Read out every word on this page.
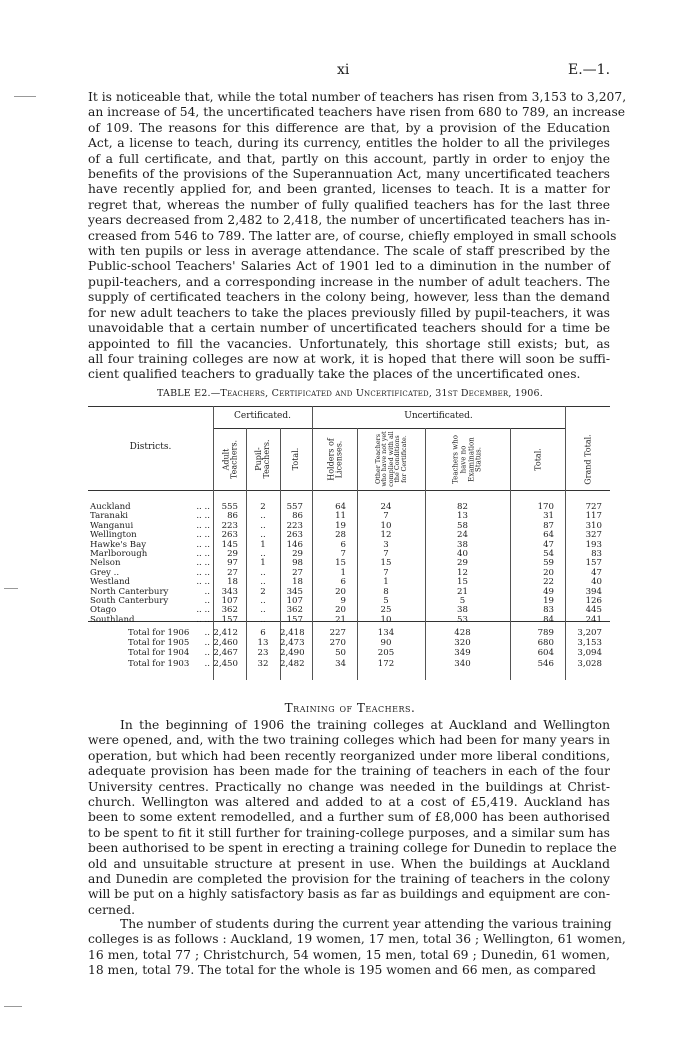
xi	E.—1.
It is noticeable that, while the total number of teachers has risen from 3,153 to 3,207,
an increase of 54, the uncertificated teachers have risen from 680 to 789, an increase
of 109. The reasons for this difference are that, by a provision of the Education
Act, a license to teach, during its currency, entitles the holder to all the privileges
of a full certificate, and that, partly on this account, partly in order to enjoy the
benefits of the provisions of the Superannuation Act, many uncertificated teachers
have recently applied for, and been granted, licenses to teach. It is a matter for
regret that, whereas the number of fully qualified teachers has for the last three
years decreased from 2,482 to 2,418, the number of uncertificated teachers has in-
creased from 546 to 789. The latter are, of course, chiefly employed in small schools
with ten pupils or less in average attendance. The scale of staff prescribed by the
Public-school Teachers' Salaries Act of 1901 led to a diminution in the number of
pupil-teachers, and a corresponding increase in the number of adult teachers. The
supply of certificated teachers in the colony being, however, less than the demand
for new adult teachers to take the places previously filled by pupil-teachers, it was
unavoidable that a certain number of uncertificated teachers should for a time be
appointed to fill the vacancies. Unfortunately, this shortage still exists; but, as
all four training colleges are now at work, it is hoped that there will soon be suffi-
cient qualified teachers to gradually take the places of the uncertificated ones.
TABLE E2.—Teachers, Certificated and Uncertificated, 31st December, 1906.
Certificated.	Uncertificated.
Districts.
Adult Teachers.	Pupil-Teachers.	Total.	Holders of Licenses.	Other Teachers who have not yet complied with all the Conditions for Certificate.	Teachers who have no Examination Status.	Total.	Grand Total.
Auckland	.. ..	555	2	557	64	24	82	170	727
Taranaki	.. ..	86	..	86	11	7	13	31	117
Wanganui	.. ..	223	..	223	19	10	58	87	310
Wellington	.. ..	263	..	263	28	12	24	64	327
Hawke's Bay	.. ..	145	1	146	6	3	38	47	193
Marlborough	.. ..	29	..	29	7	7	40	54	83
Nelson	.. ..	97	1	98	15	15	29	59	157
Grey ..	.. ..	27	..	27	1	7	12	20	47
Westland	.. ..	18	..	18	6	1	15	22	40
North Canterbury	..	343	2	345	20	8	21	49	394
South Canterbury	..	107	..	107	9	5	5	19	126
Otago	.. ..	362	..	362	20	25	38	83	445
Southland	.. ..	157	..	157	21	10	53	84	241
Total for 1906	.. 2,412	6	2,418	227	134	428	789	3,207
Total for 1905	.. 2,460	13	2,473	270	90	320	680	3,153
Total for 1904	.. 2,467	23	2,490	50	205	349	604	3,094
Total for 1903	.. 2,450	32	2,482	34	172	340	546	3,028
Training of Teachers.
In the beginning of 1906 the training colleges at Auckland and Wellington
were opened, and, with the two training colleges which had been for many years in
operation, but which had been recently reorganized under more liberal conditions,
adequate provision has been made for the training of teachers in each of the four
University centres. Practically no change was needed in the buildings at Christ-
church. Wellington was altered and added to at a cost of £5,419. Auckland has
been to some extent remodelled, and a further sum of £8,000 has been authorised
to be spent to fit it still further for training-college purposes, and a similar sum has
been authorised to be spent in erecting a training college for Dunedin to replace the
old and unsuitable structure at present in use. When the buildings at Auckland
and Dunedin are completed the provision for the training of teachers in the colony
will be put on a highly satisfactory basis as far as buildings and equipment are con-
cerned.
The number of students during the current year attending the various training
colleges is as follows : Auckland, 19 women, 17 men, total 36 ; Wellington, 61 women,
16 men, total 77 ; Christchurch, 54 women, 15 men, total 69 ; Dunedin, 61 women,
18 men, total 79. The total for the whole is 195 women and 66 men, as compared
